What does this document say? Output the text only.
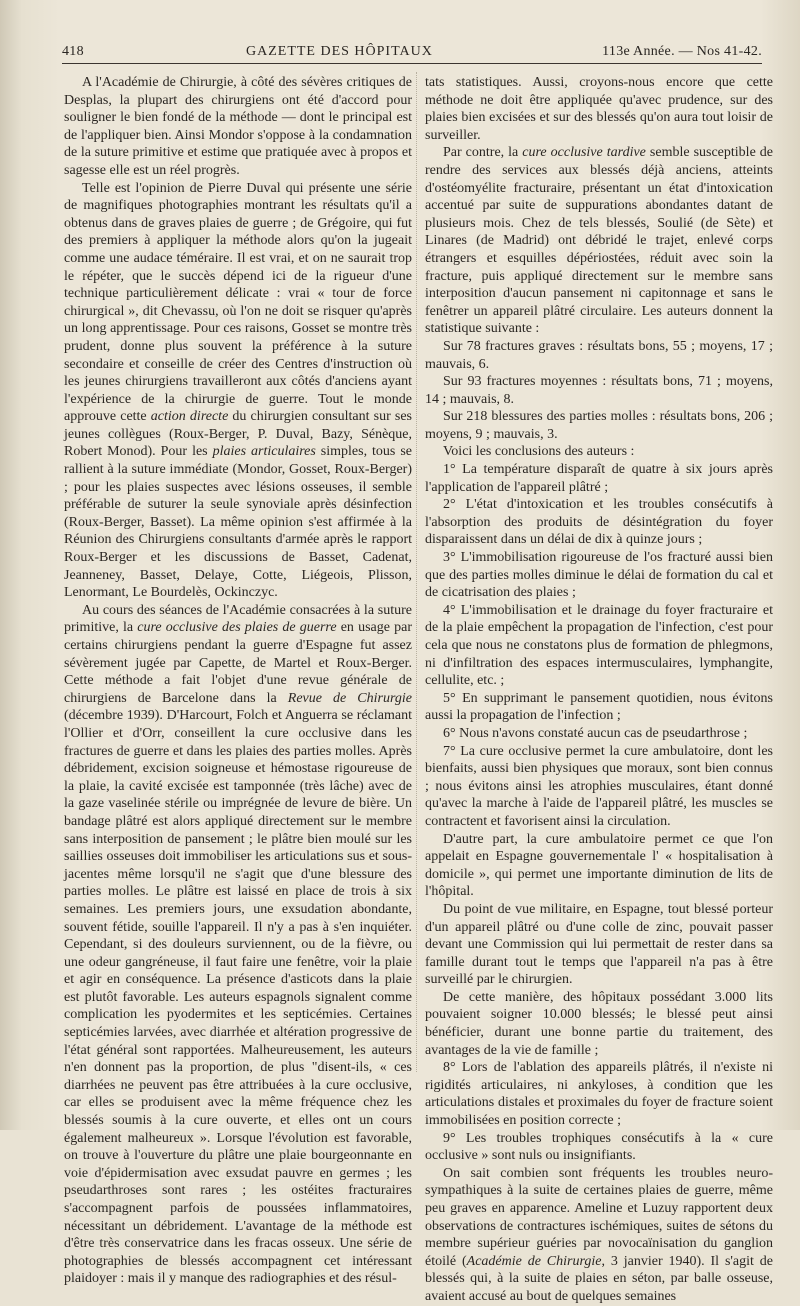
418	GAZETTE DES HÔPITAUX	113e Année. — Nos 41-42.

A l'Académie de Chirurgie, à côté des sévères critiques de Desplas, la plupart des chirurgiens ont été d'accord pour souligner le bien fondé de la méthode — dont le principal est de l'appliquer bien. Ainsi Mondor s'oppose à la condamnation de la suture primitive et estime que pratiquée avec à propos et sagesse elle est un réel progrès.

Telle est l'opinion de Pierre Duval qui présente une série de magnifiques photographies montrant les résultats qu'il a obtenus dans de graves plaies de guerre ; de Grégoire, qui fut des premiers à appliquer la méthode alors qu'on la jugeait comme une audace téméraire. Il est vrai, et on ne saurait trop le répéter, que le succès dépend ici de la rigueur d'une technique particulièrement délicate : vrai « tour de force chirurgical », dit Chevassu, où l'on ne doit se risquer qu'après un long apprentissage. Pour ces raisons, Gosset se montre très prudent, donne plus souvent la préférence à la suture secondaire et conseille de créer des Centres d'instruction où les jeunes chirurgiens travailleront aux côtés d'anciens ayant l'expérience de la chirurgie de guerre. Tout le monde approuve cette action directe du chirurgien consultant sur ses jeunes collègues (Roux-Berger, P. Duval, Bazy, Sénèque, Robert Monod). Pour les plaies articulaires simples, tous se rallient à la suture immédiate (Mondor, Gosset, Roux-Berger) ; pour les plaies suspectes avec lésions osseuses, il semble préférable de suturer la seule synoviale après désinfection (Roux-Berger, Basset). La même opinion s'est affirmée à la Réunion des Chirurgiens consultants d'armée après le rapport Roux-Berger et les discussions de Basset, Cadenat, Jeanneney, Basset, Delaye, Cotte, Liégeois, Plisson, Lenormant, Le Bourdelès, Ockinczyc.

Au cours des séances de l'Académie consacrées à la suture primitive, la cure occlusive des plaies de guerre en usage par certains chirurgiens pendant la guerre d'Espagne fut assez sévèrement jugée par Capette, de Martel et Roux-Berger. Cette méthode a fait l'objet d'une revue générale de chirurgiens de Barcelone dans la Revue de Chirurgie (décembre 1939). D'Harcourt, Folch et Anguerra se réclamant l'Ollier et d'Orr, conseillent la cure occlusive dans les fractures de guerre et dans les plaies des parties molles. Après débridement, excision soigneuse et hémostase rigoureuse de la plaie, la cavité excisée est tamponnée (très lâche) avec de la gaze vaselinée stérile ou imprégnée de levure de bière. Un bandage plâtré est alors appliqué directement sur le membre sans interposition de pansement ; le plâtre bien moulé sur les saillies osseuses doit immobiliser les articulations sus et sous-jacentes même lorsqu'il ne s'agit que d'une blessure des parties molles. Le plâtre est laissé en place de trois à six semaines. Les premiers jours, une exsudation abondante, souvent fétide, souille l'appareil. Il n'y a pas à s'en inquiéter. Cependant, si des douleurs surviennent, ou de la fièvre, ou une odeur gangréneuse, il faut faire une fenêtre, voir la plaie et agir en conséquence. La présence d'asticots dans la plaie est plutôt favorable. Les auteurs espagnols signalent comme complication les pyodermites et les septicémies. Certaines septicémies larvées, avec diarrhée et altération progressive de l'état général sont rapportées. Malheureusement, les auteurs n'en donnent pas la proportion, de plus "disent-ils, « ces diarrhées ne peuvent pas être attribuées à la cure occlusive, car elles se produisent avec la même fréquence chez les blessés soumis à la cure ouverte, et elles ont un cours également malheureux ». Lorsque l'évolution est favorable, on trouve à l'ouverture du plâtre une plaie bourgeonnante en voie d'épidermisation avec exsudat pauvre en germes ; les pseudarthroses sont rares ; les ostéites fracturaires s'accompagnent parfois de poussées inflammatoires, nécessitant un débridement. L'avantage de la méthode est d'être très conservatrice dans les fracas osseux. Une série de photographies de blessés accompagnent cet intéressant plaidoyer : mais il y manque des radiographies et des résul-

tats statistiques. Aussi, croyons-nous encore que cette méthode ne doit être appliquée qu'avec prudence, sur des plaies bien excisées et sur des blessés qu'on aura tout loisir de surveiller.

Par contre, la cure occlusive tardive semble susceptible de rendre des services aux blessés déjà anciens, atteints d'ostéomyélite fracturaire, présentant un état d'intoxication accentué par suite de suppurations abondantes datant de plusieurs mois. Chez de tels blessés, Soulié (de Sète) et Linares (de Madrid) ont débridé le trajet, enlevé corps étrangers et esquilles dépériostées, réduit avec soin la fracture, puis appliqué directement sur le membre sans interposition d'aucun pansement ni capitonnage et sans le fenêtrer un appareil plâtré circulaire. Les auteurs donnent la statistique suivante :

Sur 78 fractures graves : résultats bons, 55 ; moyens, 17 ; mauvais, 6.

Sur 93 fractures moyennes : résultats bons, 71 ; moyens, 14 ; mauvais, 8.

Sur 218 blessures des parties molles : résultats bons, 206 ; moyens, 9 ; mauvais, 3.

Voici les conclusions des auteurs :

1° La température disparaît de quatre à six jours après l'application de l'appareil plâtré ;

2° L'état d'intoxication et les troubles consécutifs à l'absorption des produits de désintégration du foyer disparaissent dans un délai de dix à quinze jours ;

3° L'immobilisation rigoureuse de l'os fracturé aussi bien que des parties molles diminue le délai de formation du cal et de cicatrisation des plaies ;

4° L'immobilisation et le drainage du foyer fracturaire et de la plaie empêchent la propagation de l'infection, c'est pour cela que nous ne constatons plus de formation de phlegmons, ni d'infiltration des espaces intermusculaires, lymphangite, cellulite, etc. ;

5° En supprimant le pansement quotidien, nous évitons aussi la propagation de l'infection ;

6° Nous n'avons constaté aucun cas de pseudarthrose ;

7° La cure occlusive permet la cure ambulatoire, dont les bienfaits, aussi bien physiques que moraux, sont bien connus ; nous évitons ainsi les atrophies musculaires, étant donné qu'avec la marche à l'aide de l'appareil plâtré, les muscles se contractent et favorisent ainsi la circulation.

D'autre part, la cure ambulatoire permet ce que l'on appelait en Espagne gouvernementale l' « hospitalisation à domicile », qui permet une importante diminution de lits de l'hôpital.

Du point de vue militaire, en Espagne, tout blessé porteur d'un appareil plâtré ou d'une colle de zinc, pouvait passer devant une Commission qui lui permettait de rester dans sa famille durant tout le temps que l'appareil n'a pas à être surveillé par le chirurgien.

De cette manière, des hôpitaux possédant 3.000 lits pouvaient soigner 10.000 blessés; le blessé peut ainsi bénéficier, durant une bonne partie du traitement, des avantages de la vie de famille ;

8° Lors de l'ablation des appareils plâtrés, il n'existe ni rigidités articulaires, ni ankyloses, à condition que les articulations distales et proximales du foyer de fracture soient immobilisées en position correcte ;

9° Les troubles trophiques consécutifs à la « cure occlusive » sont nuls ou insignifiants.

On sait combien sont fréquents les troubles neuro-sympathiques à la suite de certaines plaies de guerre, même peu graves en apparence. Ameline et Luzuy rapportent deux observations de contractures ischémiques, suites de sétons du membre supérieur guéries par novocaïnisation du ganglion étoilé (Académie de Chirurgie, 3 janvier 1940). Il s'agit de blessés qui, à la suite de plaies en séton, par balle osseuse, avaient accusé au bout de quelques semaines
